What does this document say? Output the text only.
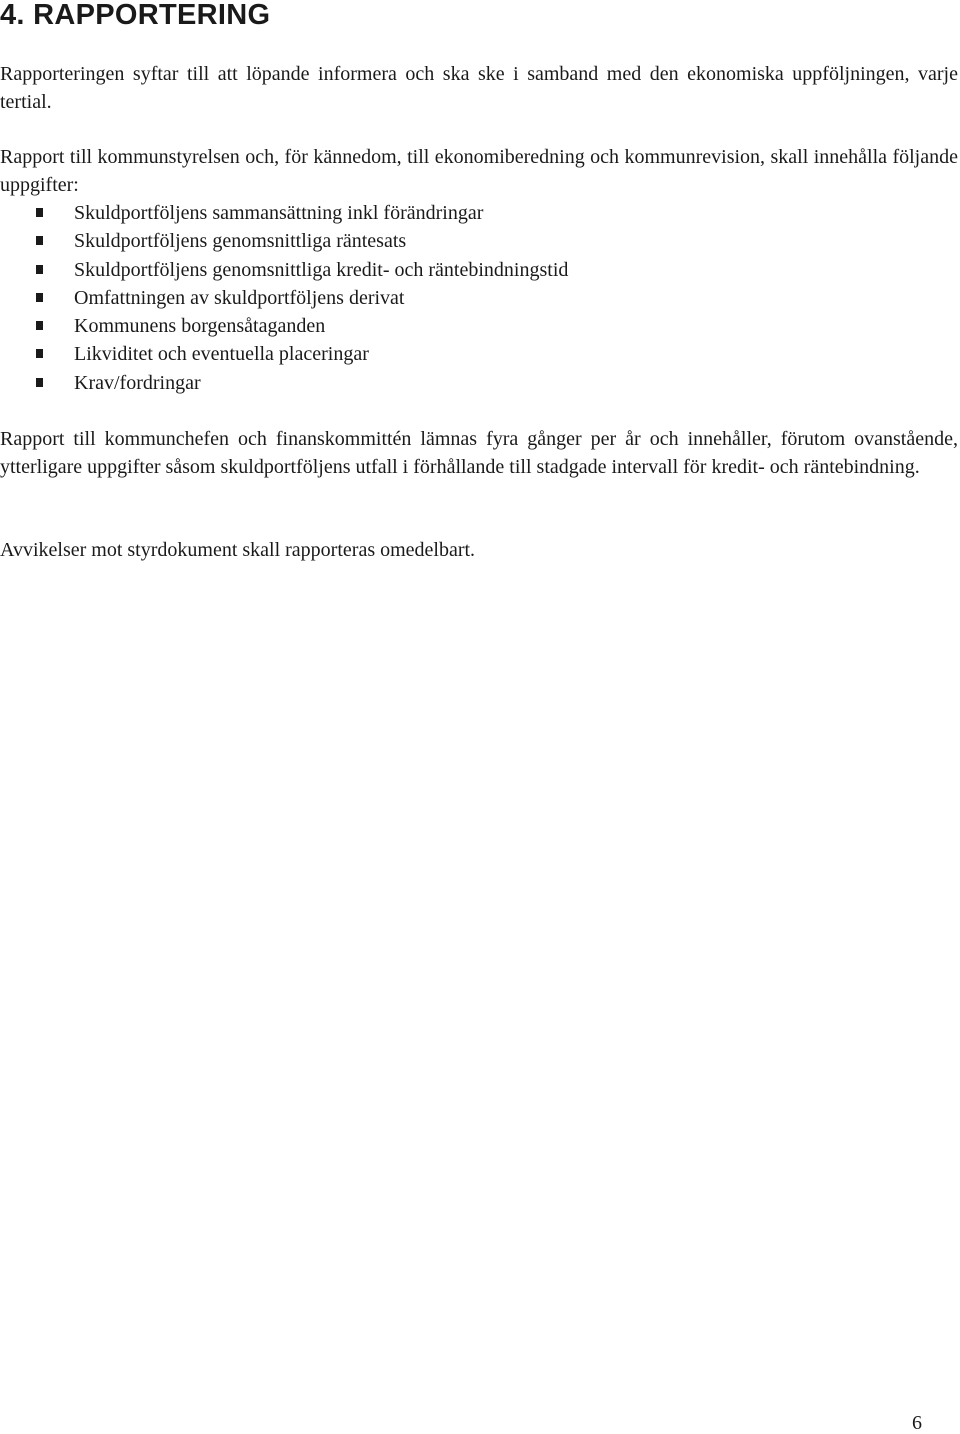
4. RAPPORTERING

Rapporteringen syftar till att löpande informera och ska ske i samband med den ekonomiska uppföljningen, varje tertial.

Rapport till kommunstyrelsen och, för kännedom, till ekonomiberedning och kommunrevision, skall innehålla följande uppgifter:

Skuldportföljens sammansättning inkl förändringar
Skuldportföljens genomsnittliga räntesats
Skuldportföljens genomsnittliga kredit- och räntebindningstid
Omfattningen av skuldportföljens derivat
Kommunens borgensåtaganden
Likviditet och eventuella placeringar
Krav/fordringar

Rapport till kommunchefen och finanskommittén lämnas fyra gånger per år och innehåller, förutom ovanstående, ytterligare uppgifter såsom skuldportföljens utfall i förhållande till stadgade intervall för kredit- och räntebindning.

Avvikelser mot styrdokument skall rapporteras omedelbart.

6
